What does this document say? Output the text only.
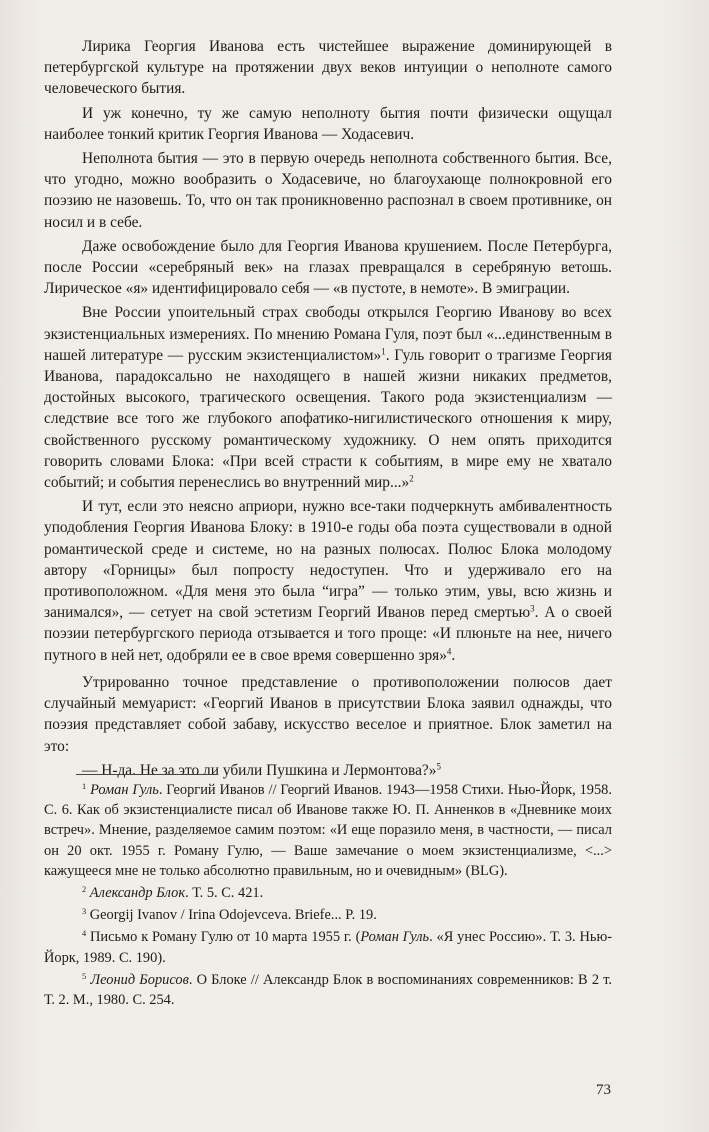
Лирика Георгия Иванова есть чистейшее выражение доминирующей в петербургской культуре на протяжении двух веков интуиции о неполноте самого человеческого бытия.

И уж конечно, ту же самую неполноту бытия почти физически ощущал наиболее тонкий критик Георгия Иванова — Ходасевич.

Неполнота бытия — это в первую очередь неполнота собственного бытия. Все, что угодно, можно вообразить о Ходасевиче, но благоухающе полнокровной его поэзию не назовешь. То, что он так проникновенно распознал в своем противнике, он носил и в себе.

Даже освобождение было для Георгия Иванова крушением. После Петербурга, после России «серебряный век» на глазах превращался в серебряную ветошь. Лирическое «я» идентифицировало себя — «в пустоте, в немоте». В эмиграции.

Вне России упоительный страх свободы открылся Георгию Иванову во всех экзистенциальных измерениях. По мнению Романа Гуля, поэт был «...единственным в нашей литературе — русским экзистенциалистом»$^1$. Гуль говорит о трагизме Георгия Иванова, парадоксально не находящего в нашей жизни никаких предметов, достойных высокого, трагического освещения. Такого рода экзистенциализм — следствие все того же глубокого апофатико-нигилистического отношения к миру, свойственного русскому романтическому художнику. О нем опять приходится говорить словами Блока: «При всей страсти к событиям, в мире ему не хватало событий; и события перенеслись во внутренний мир...»$^2$

И тут, если это неясно априори, нужно все-таки подчеркнуть амбивалентность уподобления Георгия Иванова Блоку: в 1910-е годы оба поэта существовали в одной романтической среде и системе, но на разных полюсах. Полюс Блока молодому автору «Горницы» был попросту недоступен. Что и удерживало его на противоположном. «Для меня это была “игра” — только этим, увы, всю жизнь и занимался», — сетует на свой эстетизм Георгий Иванов перед смертью$^3$. А о своей поэзии петербургского периода отзывается и того проще: «И плюньте на нее, ничего путного в ней нет, одобряли ее в свое время совершенно зря»$^4$.

Утрированно точное представление о противоположении полюсов дает случайный мемуарист: «Георгий Иванов в присутствии Блока заявил однажды, что поэзия представляет собой забаву, искусство веселое и приятное. Блок заметил на это:

— Н-да. Не за это ли убили Пушкина и Лермонтова?»$^5$

$^1$ Роман Гуль. Георгий Иванов // Георгий Иванов. 1943—1958 Стихи. Нью-Йорк, 1958. С. 6. Как об экзистенциалисте писал об Иванове также Ю. П. Анненков в «Дневнике моих встреч». Мнение, разделяемое самим поэтом: «И еще поразило меня, в частности, — писал он 20 окт. 1955 г. Роману Гулю, — Ваше замечание о моем экзистенциализме, <...> кажущееся мне не только абсолютно правильным, но и очевидным» (BLG).

$^2$ Александр Блок. Т. 5. С. 421.

$^3$ Georgij Ivanov / Irina Odojevceva. Briefe... P. 19.

$^4$ Письмо к Роману Гулю от 10 марта 1955 г. (Роман Гуль. «Я унес Россию». Т. 3. Нью-Йорк, 1989. С. 190).

$^5$ Леонид Борисов. О Блоке // Александр Блок в воспоминаниях современников: В 2 т. Т. 2. М., 1980. С. 254.

73
